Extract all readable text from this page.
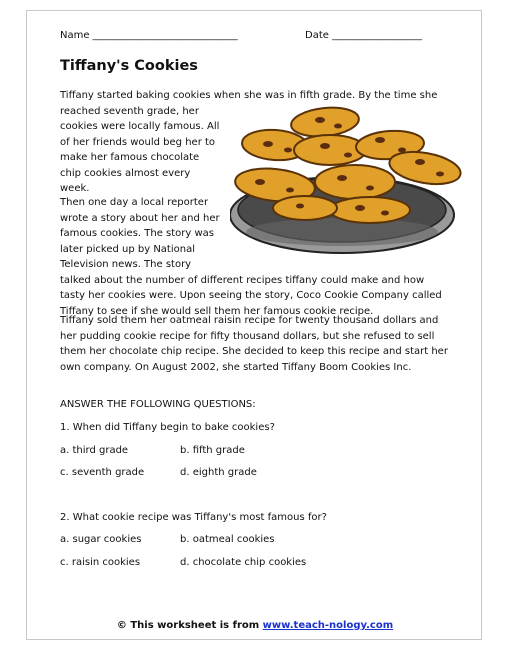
Name _____________________________	Date __________________
Tiffany's Cookies
Tiffany started baking cookies when she was in fifth grade. By the time she
reached seventh grade, her
cookies were locally famous. All
of her friends would beg her to
make her famous chocolate
chip cookies almost every
week.
Then one day a local reporter
wrote a story about her and her
famous cookies. The story was
later picked up by National
Television news. The story
talked about the number of different recipes tiffany could make and how
tasty her cookies were. Upon seeing the story, Coco Cookie Company called
Tiffany to see if she would sell them her famous cookie recipe.
Tiffany sold them her oatmeal raisin recipe for twenty thousand dollars and
her pudding cookie recipe for fifty thousand dollars, but she refused to sell
them her chocolate chip recipe. She decided to keep this recipe and start her
own company. On August 2002, she started Tiffany Boom Cookies Inc.
ANSWER THE FOLLOWING QUESTIONS:
1. When did Tiffany begin to bake cookies?
a. third grade	b. fifth grade
c. seventh grade	d. eighth grade
2. What cookie recipe was Tiffany's most famous for?
a. sugar cookies	b. oatmeal cookies
c. raisin cookies	d. chocolate chip cookies
© This worksheet is from www.teach-nology.com
